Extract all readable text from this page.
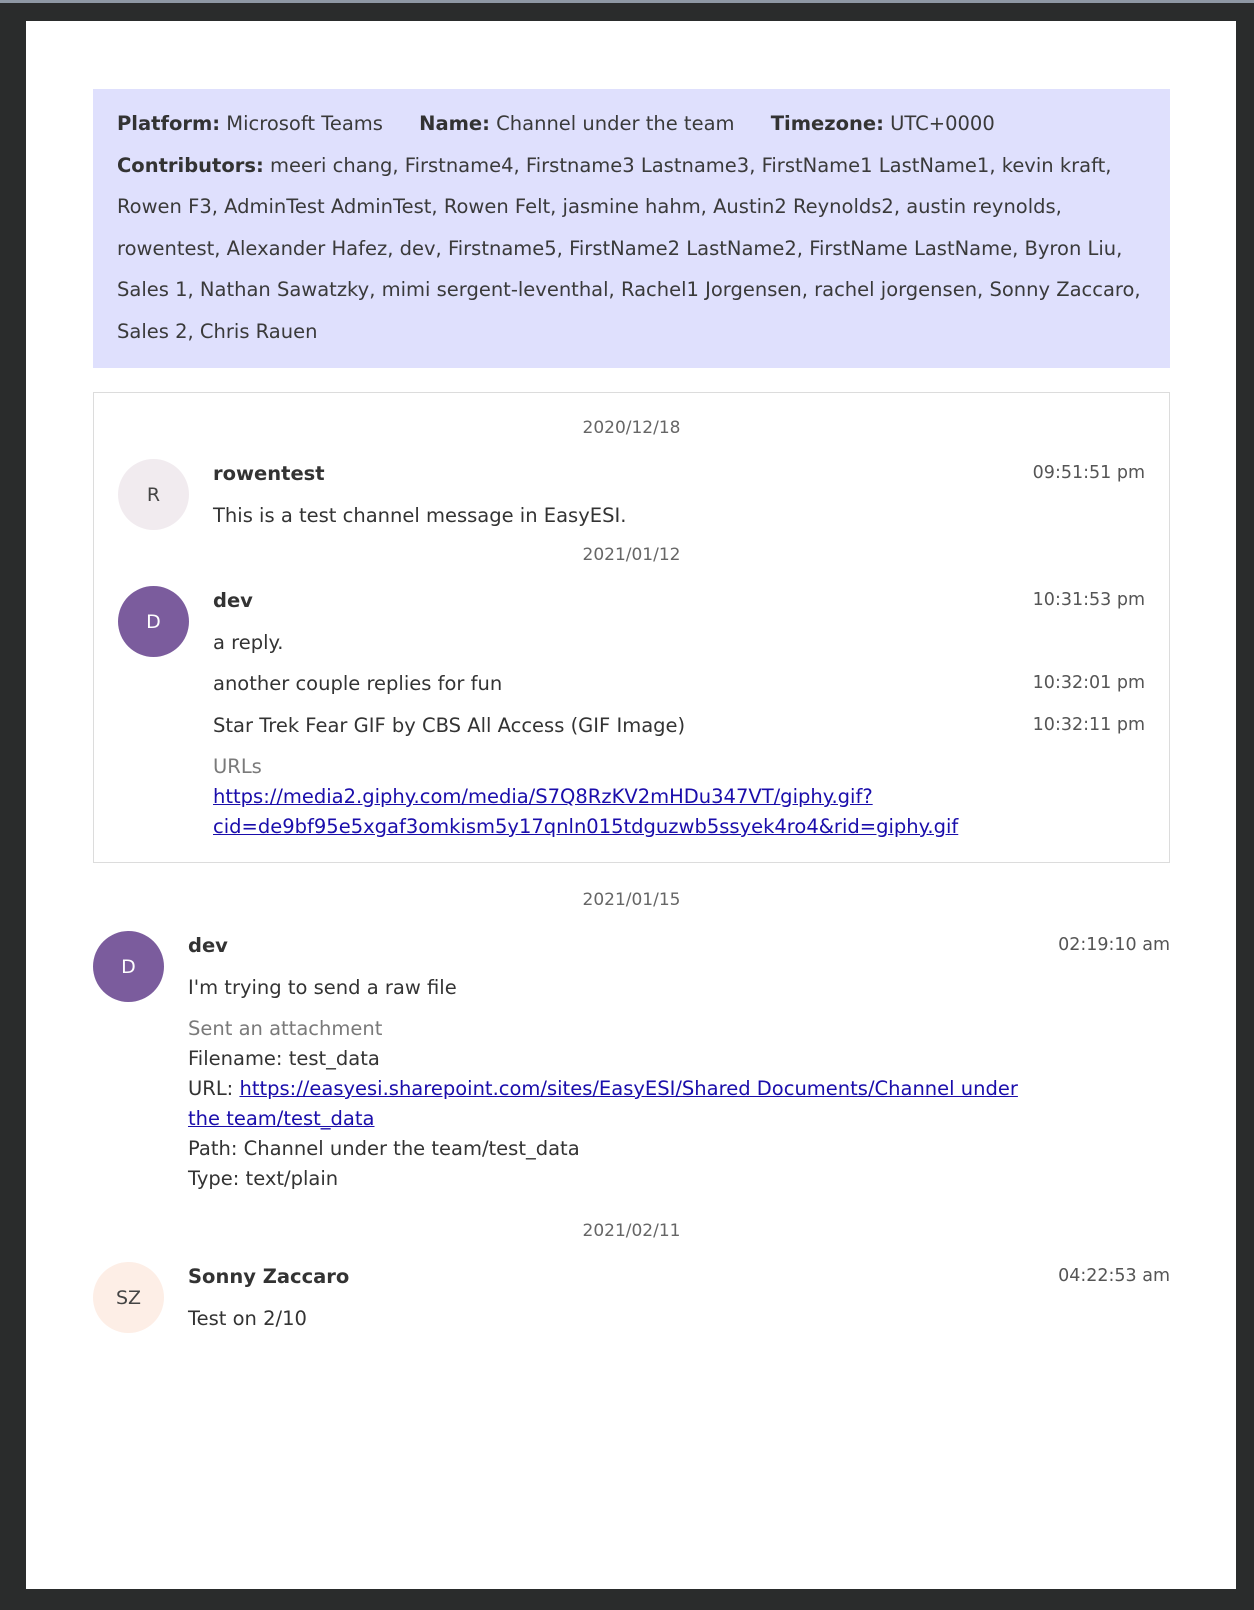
Platform: Microsoft Teams Name: Channel under the team Timezone: UTC+0000
Contributors: meeri chang, Firstname4, Firstname3 Lastname3, FirstName1 LastName1, kevin kraft, Rowen F3, AdminTest AdminTest, Rowen Felt, jasmine hahm, Austin2 Reynolds2, austin reynolds, rowentest, Alexander Hafez, dev, Firstname5, FirstName2 LastName2, FirstName LastName, Byron Liu, Sales 1, Nathan Sawatzky, mimi sergent-leventhal, Rachel1 Jorgensen, rachel jorgensen, Sonny Zaccaro, Sales 2, Chris Rauen
2020/12/18
R
rowentest	09:51:51 pm
This is a test channel message in EasyESI.
2021/01/12
D
dev	10:31:53 pm
a reply.
another couple replies for fun	10:32:01 pm
Star Trek Fear GIF by CBS All Access (GIF Image)	10:32:11 pm
URLs
https://media2.giphy.com/media/S7Q8RzKV2mHDu347VT/giphy.gif?
cid=de9bf95e5xgaf3omkism5y17qnln015tdguzwb5ssyek4ro4&rid=giphy.gif
2021/01/15
D
dev	02:19:10 am
I'm trying to send a raw file
Sent an attachment
Filename: test_data
URL: https://easyesi.sharepoint.com/sites/EasyESI/Shared Documents/Channel under
the team/test_data
Path: Channel under the team/test_data
Type: text/plain
2021/02/11
SZ
Sonny Zaccaro	04:22:53 am
Test on 2/10
